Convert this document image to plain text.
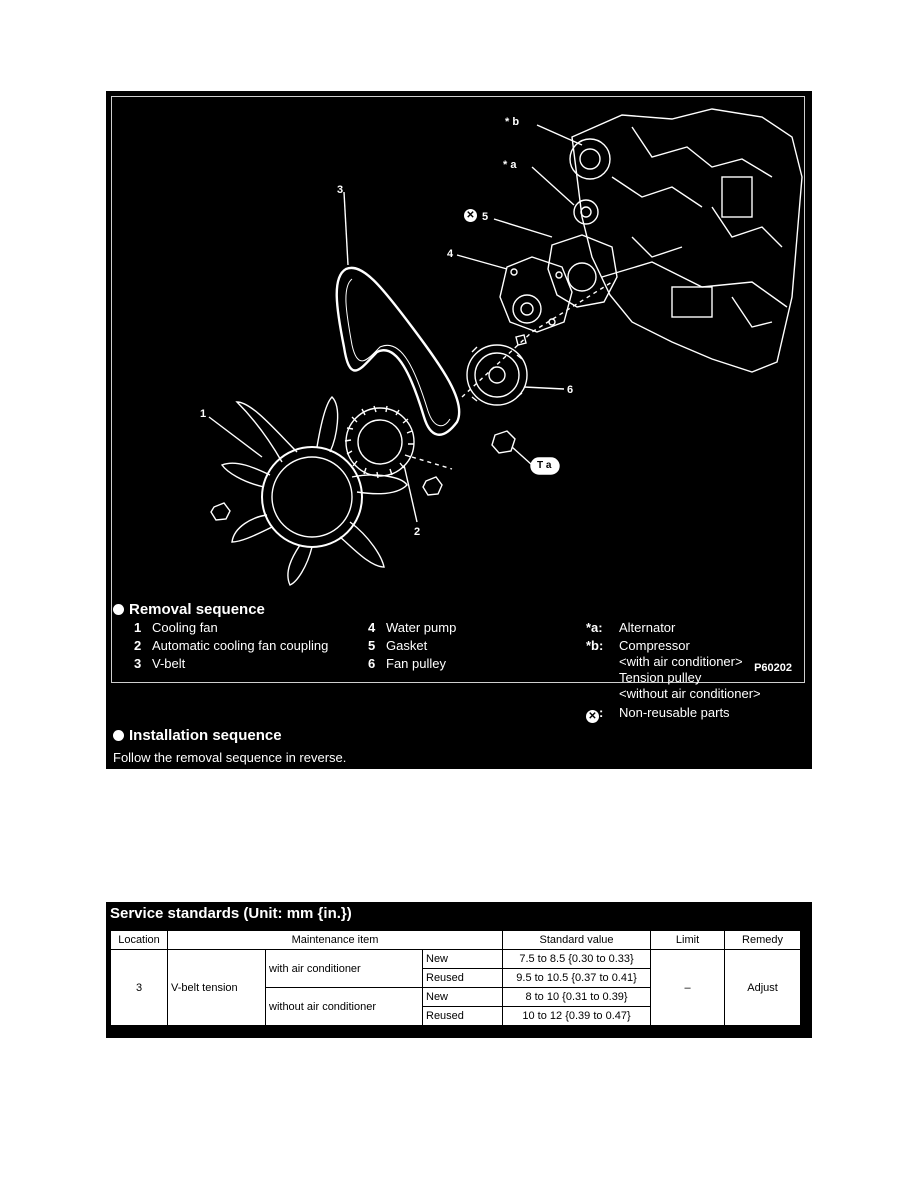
3
1
2
4
5
✕
6
* b
* a
T a
P60202
Removal sequence
1 Cooling fan
2 Automatic cooling fan coupling
3 V-belt
4 Water pump
5 Gasket
6 Fan pulley
*a: Alternator
*b: Compressor
<with air conditioner>
Tension pulley
<without air conditioner>
✕ : Non-reusable parts
Installation sequence
Follow the removal sequence in reverse.
Service standards (Unit: mm {in.})
Location	Maintenance item			Standard value	Limit	Remedy
3	V-belt tension	with air conditioner	New	7.5 to 8.5 {0.30 to 0.33}	–	Adjust
			Reused	9.5 to 10.5 {0.37 to 0.41}		
		without air conditioner	New	8 to 10 {0.31 to 0.39}		
			Reused	10 to 12 {0.39 to 0.47}		
